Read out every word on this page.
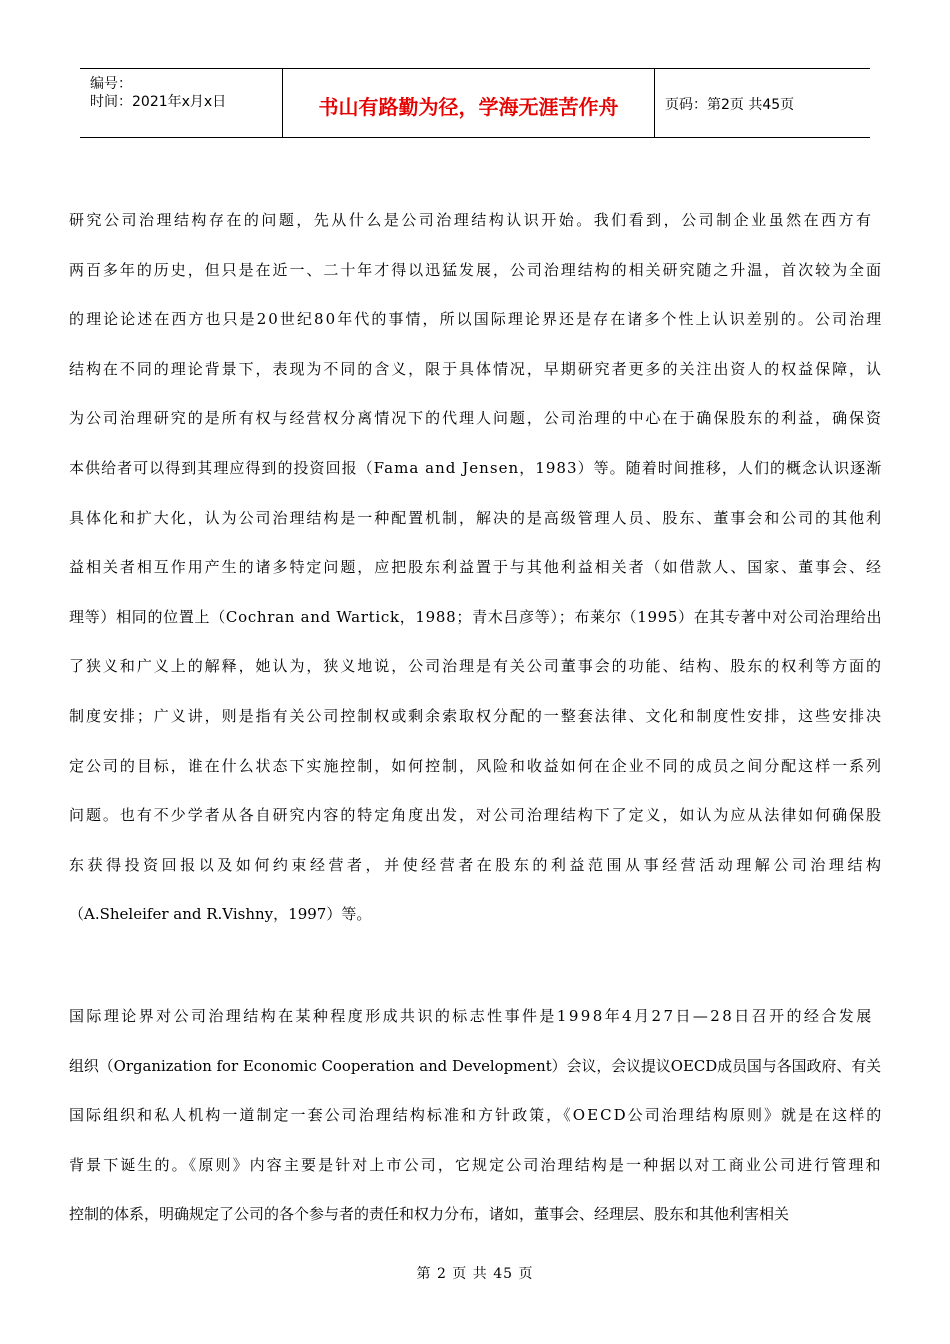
编号：
时间：2021年x月x日	书山有路勤为径，学海无涯苦作舟	页码：第2页 共45页
研究公司治理结构存在的问题，先从什么是公司治理结构认识开始。我们看到，公司制企业虽然在西方有
两百多年的历史，但只是在近一、二十年才得以迅猛发展，公司治理结构的相关研究随之升温，首次较为全面
的理论论述在西方也只是20世纪80年代的事情，所以国际理论界还是存在诸多个性上认识差别的。公司治理
结构在不同的理论背景下，表现为不同的含义，限于具体情况，早期研究者更多的关注出资人的权益保障，认
为公司治理研究的是所有权与经营权分离情况下的代理人问题，公司治理的中心在于确保股东的利益，确保资
本供给者可以得到其理应得到的投资回报（Fama and Jensen，1983）等。随着时间推移，人们的概念认识逐渐
具体化和扩大化，认为公司治理结构是一种配置机制，解决的是高级管理人员、股东、董事会和公司的其他利
益相关者相互作用产生的诸多特定问题，应把股东利益置于与其他利益相关者（如借款人、国家、董事会、经
理等）相同的位置上（Cochran and Wartick，1988；青木吕彦等）；布莱尔（1995）在其专著中对公司治理给出
了狭义和广义上的解释，她认为，狭义地说，公司治理是有关公司董事会的功能、结构、股东的权利等方面的
制度安排；广义讲，则是指有关公司控制权或剩余索取权分配的一整套法律、文化和制度性安排，这些安排决
定公司的目标，谁在什么状态下实施控制，如何控制，风险和收益如何在企业不同的成员之间分配这样一系列
问题。也有不少学者从各自研究内容的特定角度出发，对公司治理结构下了定义，如认为应从法律如何确保股
东获得投资回报以及如何约束经营者，并使经营者在股东的利益范围从事经营活动理解公司治理结构
（A.Sheleifer and R.Vishny，1997）等。
国际理论界对公司治理结构在某种程度形成共识的标志性事件是1998年4月27日—28日召开的经合发展
组织（Organization for Economic Cooperation and Development）会议，会议提议OECD成员国与各国政府、有关
国际组织和私人机构一道制定一套公司治理结构标准和方针政策，《OECD公司治理结构原则》就是在这样的
背景下诞生的。《原则》内容主要是针对上市公司，它规定公司治理结构是一种据以对工商业公司进行管理和
控制的体系，明确规定了公司的各个参与者的责任和权力分布，诸如，董事会、经理层、股东和其他利害相关
第 2 页 共 45 页
